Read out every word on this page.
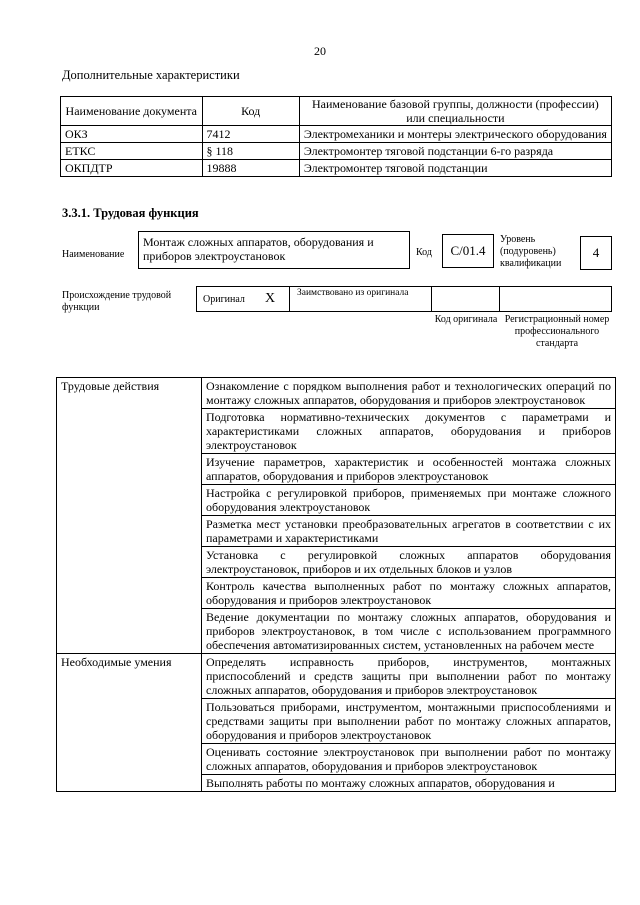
20
Дополнительные характеристики
Наименование документа	Код	Наименование базовой группы, должности (профессии) или специальности
ОКЗ	7412	Электромеханики и монтеры электрического оборудования
ЕТКС	§ 118	Электромонтер тяговой подстанции 6-го разряда
ОКПДТР	19888	Электромонтер тяговой подстанции
3.3.1. Трудовая функция
Наименование
Монтаж сложных аппаратов, оборудования и приборов электроустановок	Код	С/01.4
Уровень (подуровень) квалификации
4
Происхождение трудовой функции
Оригинал X Заимствовано из оригинала
Код оригинала Регистрационный номер профессионального стандарта
Трудовые действия	Ознакомление с порядком выполнения работ и технологических операций по монтажу сложных аппаратов, оборудования и приборов электроустановок
	Подготовка нормативно-технических документов с параметрами и характеристиками сложных аппаратов, оборудования и приборов электроустановок
	Изучение параметров, характеристик и особенностей монтажа сложных аппаратов, оборудования и приборов электроустановок
	Настройка с регулировкой приборов, применяемых при монтаже сложного оборудования электроустановок
	Разметка мест установки преобразовательных агрегатов в соответствии с их параметрами и характеристиками
	Установка с регулировкой сложных аппаратов оборудования электроустановок, приборов и их отдельных блоков и узлов
	Контроль качества выполненных работ по монтажу сложных аппаратов, оборудования и приборов электроустановок
	Ведение документации по монтажу сложных аппаратов, оборудования и приборов электроустановок, в том числе с использованием программного обеспечения автоматизированных систем, установленных на рабочем месте
Необходимые умения	Определять исправность приборов, инструментов, монтажных приспособлений и средств защиты при выполнении работ по монтажу сложных аппаратов, оборудования и приборов электроустановок
	Пользоваться приборами, инструментом, монтажными приспособлениями и средствами защиты при выполнении работ по монтажу сложных аппаратов, оборудования и приборов электроустановок
	Оценивать состояние электроустановок при выполнении работ по монтажу сложных аппаратов, оборудования и приборов электроустановок
	Выполнять работы по монтажу сложных аппаратов, оборудования и
